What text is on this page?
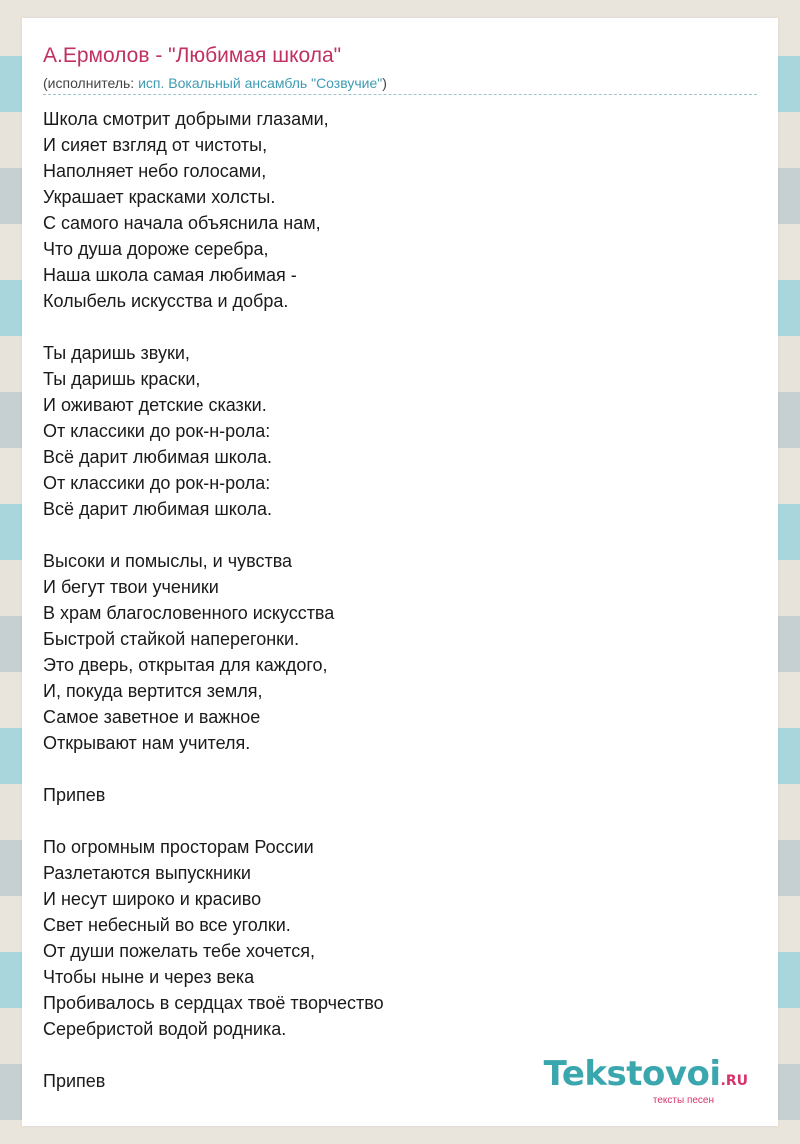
А.Ермолов - "Любимая школа"
(исполнитель: исп. Вокальный ансамбль "Созвучие")
Школа смотрит добрыми глазами,
И сияет взгляд от чистоты,
Наполняет небо голосами,
Украшает красками холсты.
С самого начала объяснила нам,
Что душа дороже серебра,
Наша школа самая любимая -
Колыбель искусства и добра.
Ты даришь звуки,
Ты даришь краски,
И оживают детские сказки.
От классики до рок-н-рола:
Всё дарит любимая школа.
От классики до рок-н-рола:
Всё дарит любимая школа.
Высоки и помыслы, и чувства
И бегут твои ученики
В храм благословенного искусства
Быстрой стайкой наперегонки.
Это дверь, открытая для каждого,
И, покуда вертится земля,
Самое заветное и важное
Открывают нам учителя.
Припев
По огромным просторам России
Разлетаются выпускники
И несут широко и красиво
Свет небесный во все уголки.
От души пожелать тебе хочется,
Чтобы ныне и через века
Пробивалось в сердцах твоё творчество
Серебристой водой родника.
Припев	Tekstovoi.RU
тексты песен
